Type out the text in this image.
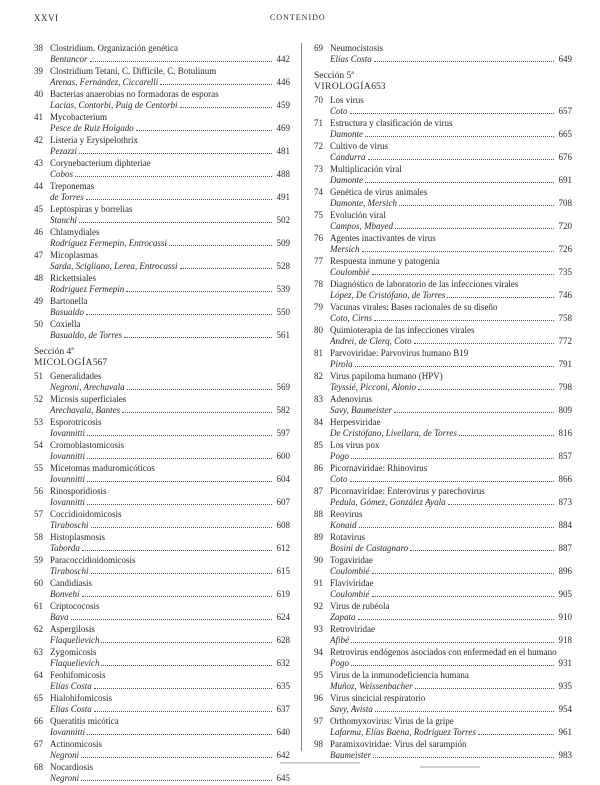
XXVI	CONTENIDO
38 Clostridium. Organización genética
Bentancor	442
39 Clostridium Tetani, C. Difficile, C. Botulinum
Arenas, Fernández, Ciccarelli	446
40 Bacterias anaerobias no formadoras de esporas
Lacias, Contorbi, Puig de Centorbi	459
41 Mycobacterium
Pesce de Ruiz Holgado	469
42 Listeria y Erysipelothrix
Pezazzi	481
43 Corynebacterium diphteriae
Cobos	488
44 Treponemas
de Torres	491
45 Leptospiras y borrelias
Stanchi	502
46 Chlamydiales
Rodríguez Fermepin, Entrocassi	509
47 Micoplasmas
Sarda, Scigliano, Lerea, Entrocassi	528
48 Rickettsiales
Rodríguez Fermepin	539
49 Bartonella
Basualdo	550
50 Coxiella
Basualdo, de Torres	561
Sección 4ª
MICOLOGÍA 567
51 Generalidades
Negroni, Arechavala	569
52 Micosis superficiales
Arechavala, Bantes	582
53 Esporotricosis
Iovannitti	597
54 Cromoblastomicosis
Iovannitti	600
55 Micetomas maduromicóticos
Iovannitti	604
56 Rinosporidiosis
Iovannitti	607
57 Coccidioidomicosis
Tiraboschi	608
58 Histoplasmosis
Taborda	612
59 Paracoccidioidomicosis
Tiraboschi	615
60 Candidiasis
Bonvehí	619
61 Criptococosis
Bava	624
62 Aspergilosis
Flaquelievich	628
63 Zygomicosis
Flaquelievich	632
64 Feohifomicosis
Elías Costa	635
65 Hialohifomicosis
Elías Costa	637
66 Queratitis micótica
Iovannitti	640
67 Actinomicosis
Negroni	642
68 Nocardiosis
Negroni	645
69 Neumocistosis
Elías Costa	649
Sección 5ª
VIROLOGÍA 653
70 Los virus
Coto	657
71 Estructura y clasificación de virus
Damonte	665
72 Cultivo de virus
Candurra	676
73 Multiplicación viral
Damonte	691
74 Genética de virus animales
Damonte, Mersich	708
75 Evolución viral
Campos, Mbayed	720
76 Agentes inactivantes de virus
Mersich	726
77 Respuesta inmune y patogenia
Coulombié	735
78 Diagnóstico de laboratorio de las infecciones virales
López, De Cristófano, de Torres	746
79 Vacunas virales: Bases racionales de su diseño
Coto, Cirns	758
80 Quimioterapia de las infecciones virales
Andrei, de Clerq, Coto	772
81 Parvoviridae: Parvovirus humano B19
Pirola	791
82 Virus papiloma humano (HPV)
Teyssié, Picconi, Alonio	798
83 Adenovirus
Savy, Baumeister	809
84 Herpesviridae
De Cristófano, Livellara, de Torres	816
85 Los virus pox
Pogo	857
86 Picornaviridae: Rhinovirus
Coto	866
87 Picornaviridae: Enterovirus y parechovirus
Pedula, Gómez, González Ayala	873
88 Reovirus
Konaid	884
89 Rotavirus
Bosini de Castagnaro	887
90 Togaviridae
Coulombié	896
91 Flaviviridae
Coulombié	905
92 Virus de rubéola
Zapata	910
93 Retroviridae
Afibé	918
94 Retrovirus endógenos asociados con enfermedad en el humano
Pogo	931
95 Virus de la inmunodeficiencia humana
Muñoz, Weissenbacher	935
96 Virus sincicial respiratorio
Savy, Avista	954
97 Orthomyxovirus: Virus de la gripe
Lafarma, Elías Baena, Rodríguez Torres	961
98 Paramixoviridae: Virus del sarampión
Baumeister	983
